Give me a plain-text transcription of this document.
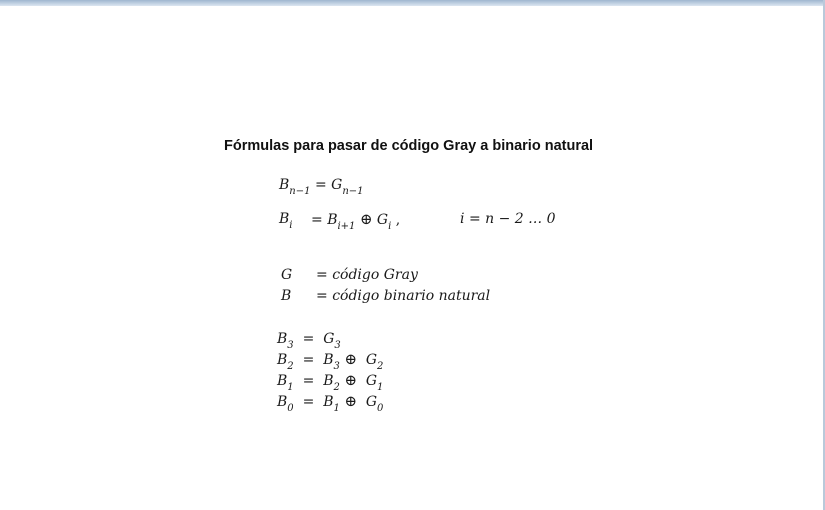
Fórmulas para pasar de código Gray a binario natural
$B_{n-1} = G_{n-1}$
$B_i = B_{i+1}$ ⊕ $G_i$ ,	i = n − 2 … 0
G = código Gray
B = código binario natural
$B_3 = G_3$
$B_2 = B_3$ ⊕ $G_2$
$B_1 = B_2$ ⊕ $G_1$
$B_0 = B_1$ ⊕ $G_0$
